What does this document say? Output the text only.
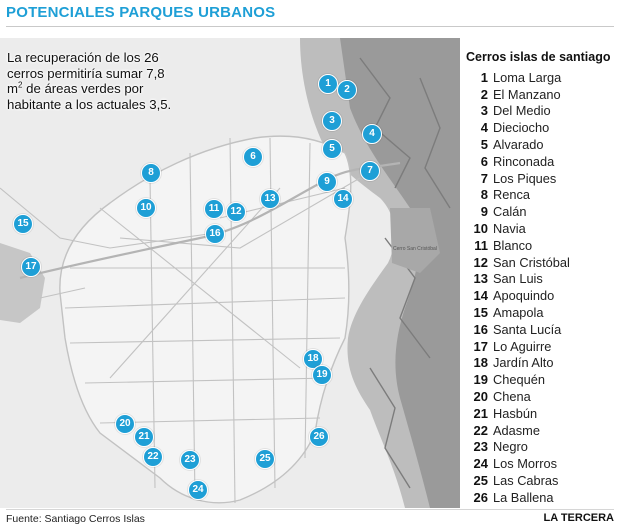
POTENCIALES PARQUES URBANOS
Cerro San Cristóbal
1
2
3
4
5
6
7
8
9
10	11	12
13	14
15
16
17
18
19
20
21
22	23
24
25
26

La recuperación de los 26 cerros permitiría sumar 7,8 $m^2$ de áreas verdes por habitante a los actuales 3,5.

Cerros islas de santiago

1 Loma Larga
2 El Manzano
3 Del Medio
4 Dieciocho
5 Alvarado
6 Rinconada
7 Los Piques
8 Renca
9 Calán
10 Navia
11 Blanco
12 San Cristóbal
13 San Luis
14 Apoquindo
15 Amapola
16 Santa Lucía
17 Lo Aguirre
18 Jardín Alto
19 Chequén
20 Chena
21 Hasbún
22 Adasme
23 Negro
24 Los Morros
25 Las Cabras
26 La Ballena
Fuente: Santiago Cerros Islas	LA TERCERA
